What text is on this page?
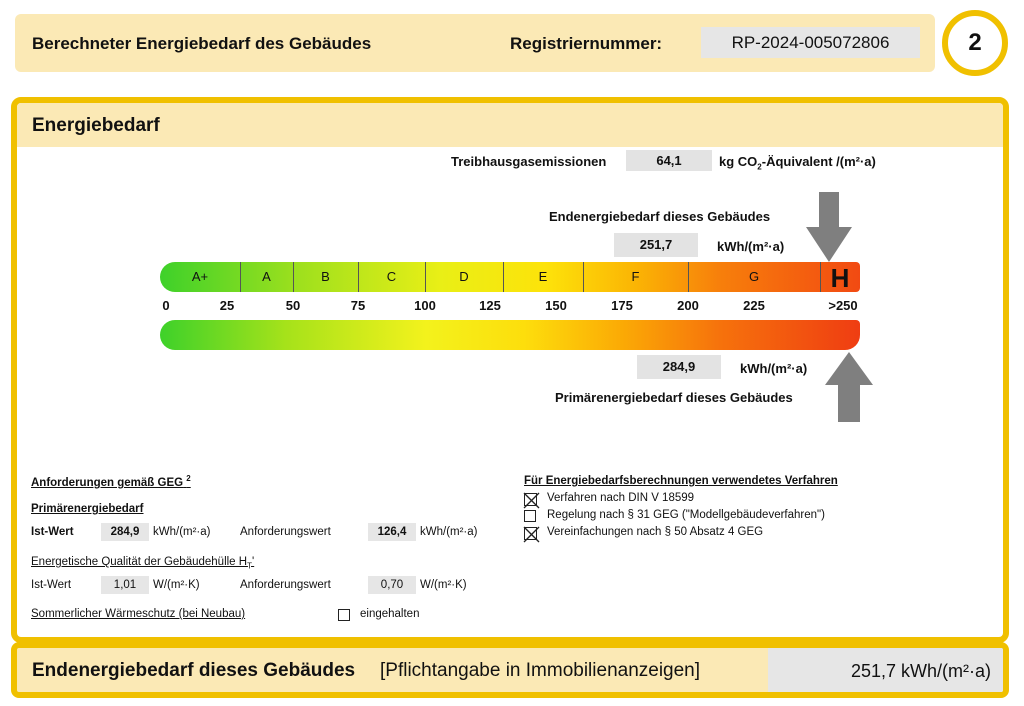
Berechneter Energiebedarf des Gebäudes	Registriernummer:	RP-2024-005072806	2
Energiebedarf
Treibhausgasemissionen	64,1	kg $CO_2$-Äquivalent /(m²·a)
Endenergiebedarf dieses Gebäudes
251,7	kWh/(m²·a)
A+	A	B	C	D	E	F	G	H
0	25	50	75	100	125	150	175	200	225	>250
284,9	kWh/(m²·a)
Primärenergiebedarf dieses Gebäudes
Anforderungen gemäß GEG $^2$
Primärenergiebedarf
Ist-Wert	284,9	kWh/(m²·a)	Anforderungswert	126,4	kWh/(m²·a)
Energetische Qualität der Gebäudehülle $H_T'$
Ist-Wert	1,01	W/(m²·K)	Anforderungswert	0,70	W/(m²·K)
Sommerlicher Wärmeschutz (bei Neubau)	eingehalten
Für Energiebedarfsberechnungen verwendetes Verfahren
Verfahren nach DIN V 18599
Regelung nach § 31 GEG ("Modellgebäudeverfahren")
Vereinfachungen nach § 50 Absatz 4 GEG
Endenergiebedarf dieses Gebäudes [Pflichtangabe in Immobilienanzeigen]	251,7 kWh/(m²·a)
